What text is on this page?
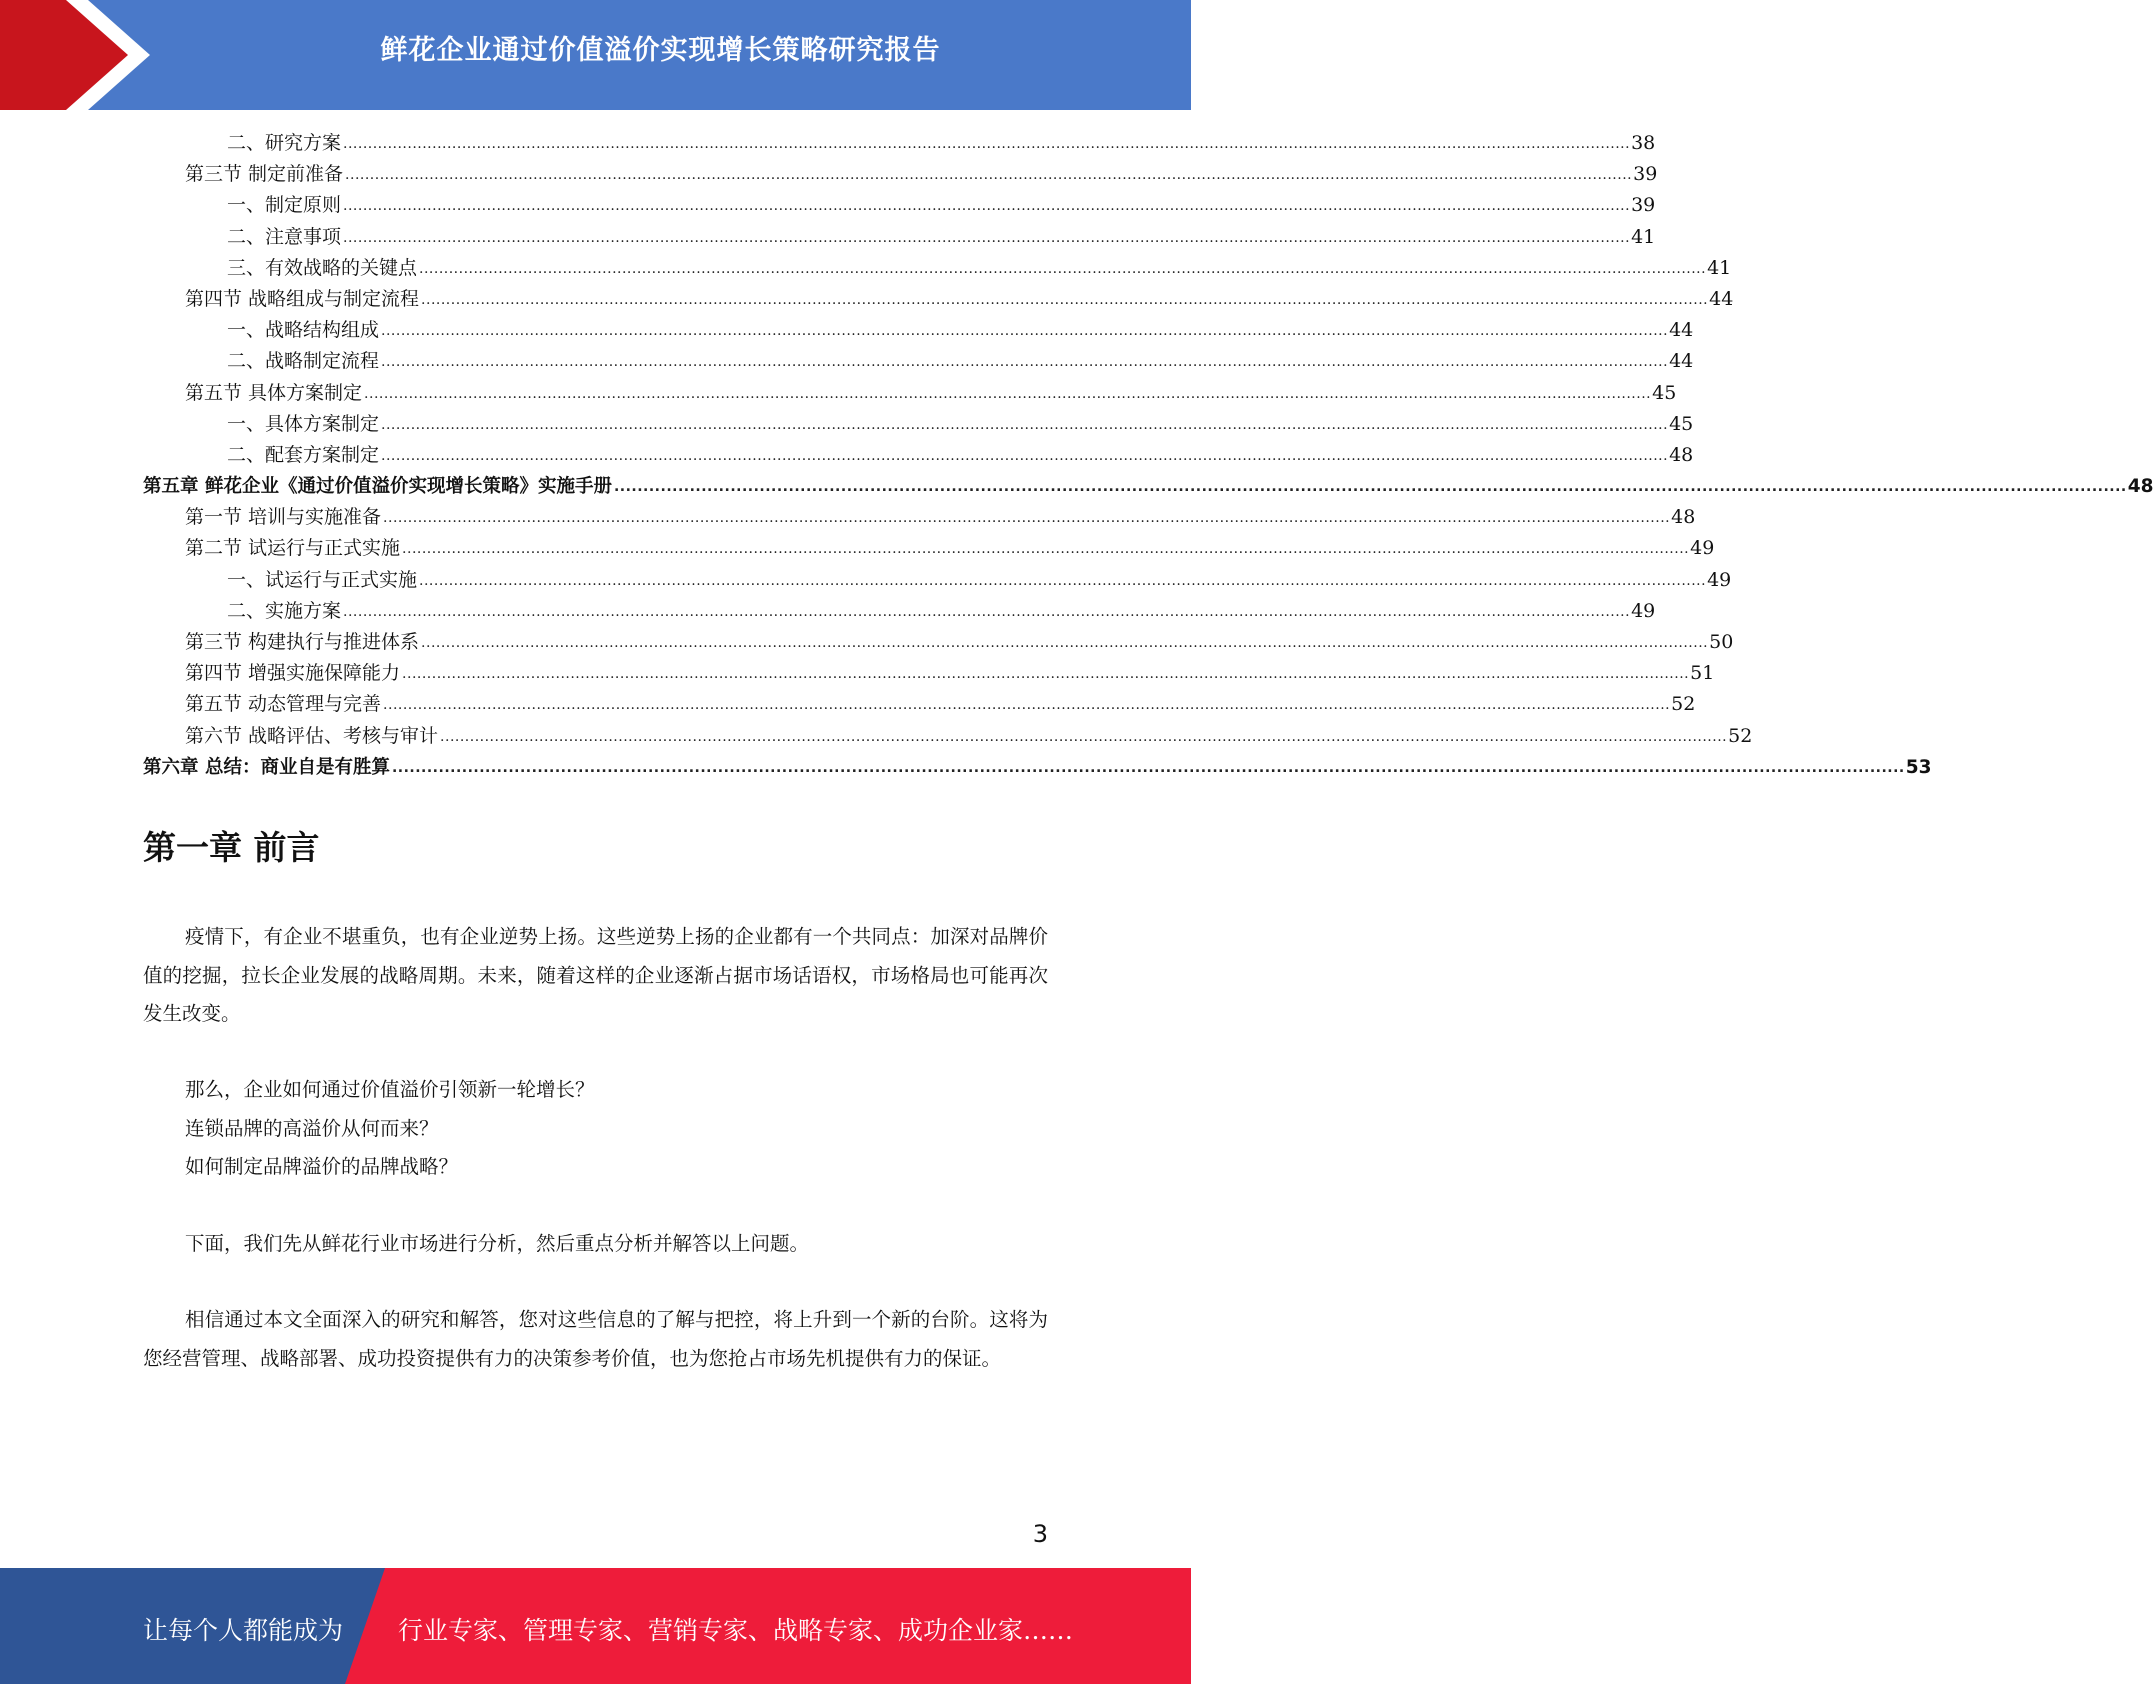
鲜花企业通过价值溢价实现增长策略研究报告
二、研究方案 .................................................................................................................................................................................................................................................................... 38
第三节 制定前准备 .................................................................................................................................................................................................................................................................... 39
一、制定原则 .................................................................................................................................................................................................................................................................... 39
二、注意事项 .................................................................................................................................................................................................................................................................... 41
三、有效战略的关键点 .................................................................................................................................................................................................................................................................... 41
第四节 战略组成与制定流程 .................................................................................................................................................................................................................................................................... 44
一、战略结构组成 .................................................................................................................................................................................................................................................................... 44
二、战略制定流程 .................................................................................................................................................................................................................................................................... 44
第五节 具体方案制定 .................................................................................................................................................................................................................................................................... 45
一、具体方案制定 .................................................................................................................................................................................................................................................................... 45
二、配套方案制定 .................................................................................................................................................................................................................................................................... 48
第五章 鲜花企业《通过价值溢价实现增长策略》实施手册 .................................................................................................................................................................................................................................................................... 48
第一节 培训与实施准备 .................................................................................................................................................................................................................................................................... 48
第二节 试运行与正式实施 .................................................................................................................................................................................................................................................................... 49
一、试运行与正式实施 .................................................................................................................................................................................................................................................................... 49
二、实施方案 .................................................................................................................................................................................................................................................................... 49
第三节 构建执行与推进体系 .................................................................................................................................................................................................................................................................... 50
第四节 增强实施保障能力 .................................................................................................................................................................................................................................................................... 51
第五节 动态管理与完善 .................................................................................................................................................................................................................................................................... 52
第六节 战略评估、考核与审计 .................................................................................................................................................................................................................................................................... 52
第六章 总结：商业自是有胜算 .................................................................................................................................................................................................................................................................... 53
第一章 前言

疫情下，有企业不堪重负，也有企业逆势上扬。这些逆势上扬的企业都有一个共同点：加深对品牌价值的挖掘，拉长企业发展的战略周期。未来，随着这样的企业逐渐占据市场话语权，市场格局也可能再次发生改变。

那么，企业如何通过价值溢价引领新一轮增长？

连锁品牌的高溢价从何而来？

如何制定品牌溢价的品牌战略？

下面，我们先从鲜花行业市场进行分析，然后重点分析并解答以上问题。

相信通过本文全面深入的研究和解答，您对这些信息的了解与把控，将上升到一个新的台阶。这将为您经营管理、战略部署、成功投资提供有力的决策参考价值，也为您抢占市场先机提供有力的保证。

3
让每个人都能成为 行业专家、管理专家、营销专家、战略专家、成功企业家……
